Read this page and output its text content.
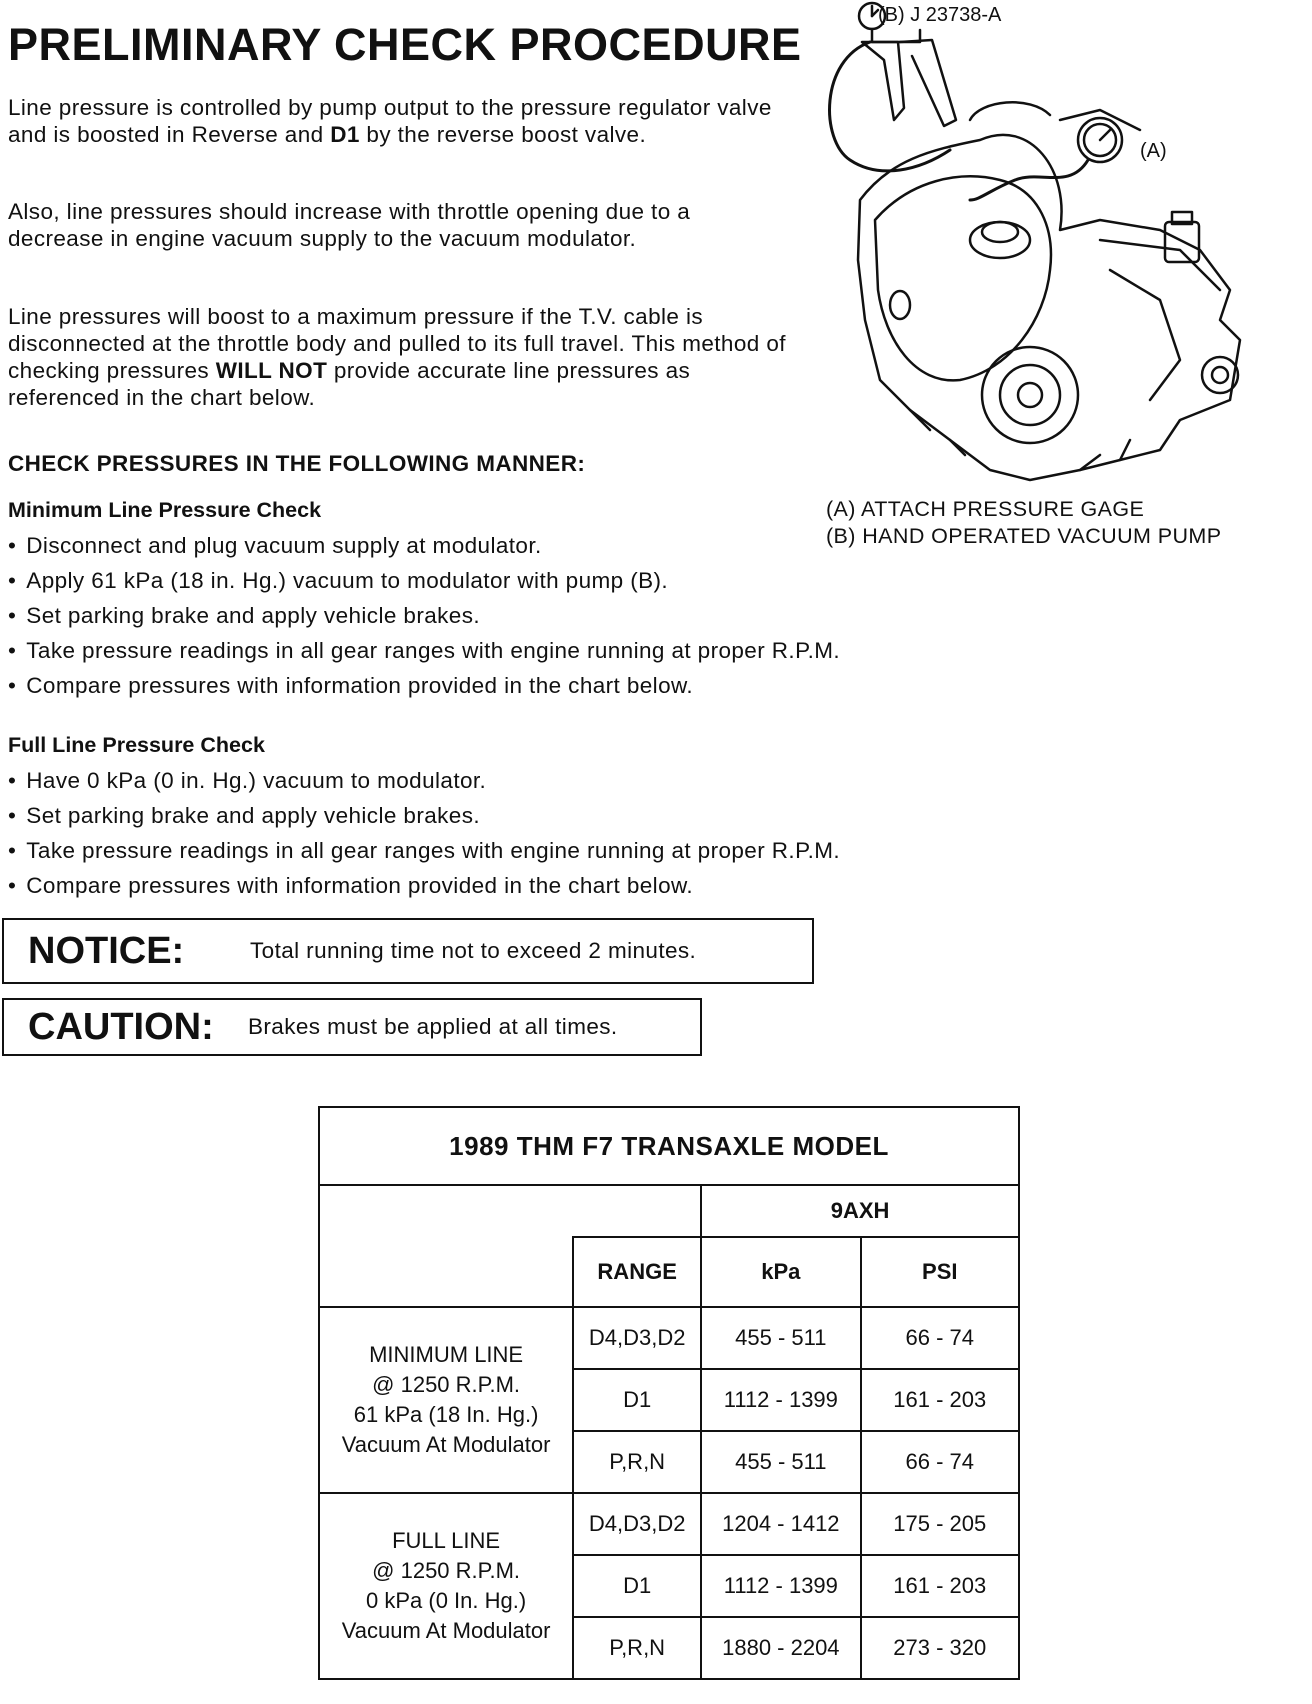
PRELIMINARY CHECK PROCEDURE
Line pressure is controlled by pump output to the pressure regulator valve and is boosted in Reverse and D1 by the reverse boost valve.
Also, line pressures should increase with throttle opening due to a decrease in engine vacuum supply to the vacuum modulator.
Line pressures will boost to a maximum pressure if the T.V. cable is disconnected at the throttle body and pulled to its full travel. This method of checking pressures WILL NOT provide accurate line pressures as referenced in the chart below.
CHECK PRESSURES IN THE FOLLOWING MANNER:
Minimum Line Pressure Check
• Disconnect and plug vacuum supply at modulator.
• Apply 61 kPa (18 in. Hg.) vacuum to modulator with pump (B).
• Set parking brake and apply vehicle brakes.
• Take pressure readings in all gear ranges with engine running at proper R.P.M.
• Compare pressures with information provided in the chart below.
Full Line Pressure Check
• Have 0 kPa (0 in. Hg.) vacuum to modulator.
• Set parking brake and apply vehicle brakes.
• Take pressure readings in all gear ranges with engine running at proper R.P.M.
• Compare pressures with information provided in the chart below.
NOTICE:	Total running time not to exceed 2 minutes.
CAUTION:	Brakes must be applied at all times.
(B) J 23738-A
(A)
(A) ATTACH PRESSURE GAGE
(B) HAND OPERATED VACUUM PUMP
1989 THM F7 TRANSAXLE MODEL			
		9AXH	
	RANGE	kPa	PSI

MINIMUM LINE
@ 1250 R.P.M.
61 kPa (18 In. Hg.)
Vacuum At Modulator	D4,D3,D2	455 - 511	66 - 74
	D1	1112 - 1399	161 - 203
	P,R,N	455 - 511	66 - 74

FULL LINE
@ 1250 R.P.M.
0 kPa (0 In. Hg.)
Vacuum At Modulator	D4,D3,D2	1204 - 1412	175 - 205
	D1	1112 - 1399	161 - 203
	P,R,N	1880 - 2204	273 - 320
